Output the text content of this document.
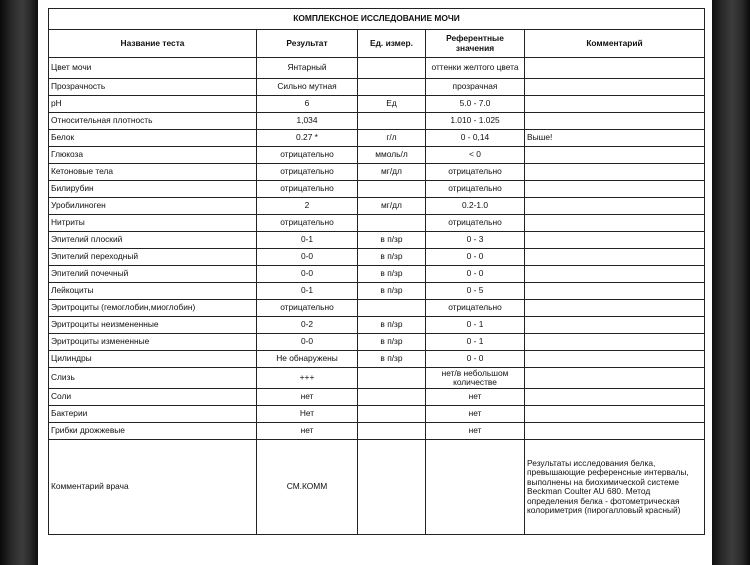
КОМПЛЕКСНОЕ ИССЛЕДОВАНИЕ МОЧИ				
Название теста	Результат	Ед. измер.	Референтные значения	Комментарий
Цвет мочи	Янтарный		оттенки желтого цвета	
Прозрачность	Сильно мутная		прозрачная	
pH	6	Ед	5.0 - 7.0	
Относительная плотность	1,034		1.010 - 1.025	
Белок	0.27 *	г/л	0 - 0,14	Выше!
Глюкоза	отрицательно	ммоль/л	< 0	
Кетоновые тела	отрицательно	мг/дл	отрицательно	
Билирубин	отрицательно		отрицательно	
Уробилиноген	2	мг/дл	0.2-1.0	
Нитриты	отрицательно		отрицательно	
Эпителий плоский	0-1	в п/зр	0 - 3	
Эпителий переходный	0-0	в п/зр	0 - 0	
Эпителий почечный	0-0	в п/зр	0 - 0	
Лейкоциты	0-1	в п/зр	0 - 5	
Эритроциты (гемоглобин,миоглобин)	отрицательно		отрицательно	
Эритроциты неизмененные	0-2	в п/зр	0 - 1	
Эритроциты измененные	0-0	в п/зр	0 - 1	
Цилиндры	Не обнаружены	в п/зр	0 - 0	
Слизь	+++		нет/в небольшом количестве	
Соли	нет		нет	
Бактерии	Нет		нет	
Грибки дрожжевые	нет		нет	
Комментарий врача	СМ.КОММ			Результаты исследования белка, превышающие референсные интервалы, выполнены на биохимической системе Beckman Coulter AU 680. Метод определения белка - фотометрическая колориметрия (пирогалловый красный)
